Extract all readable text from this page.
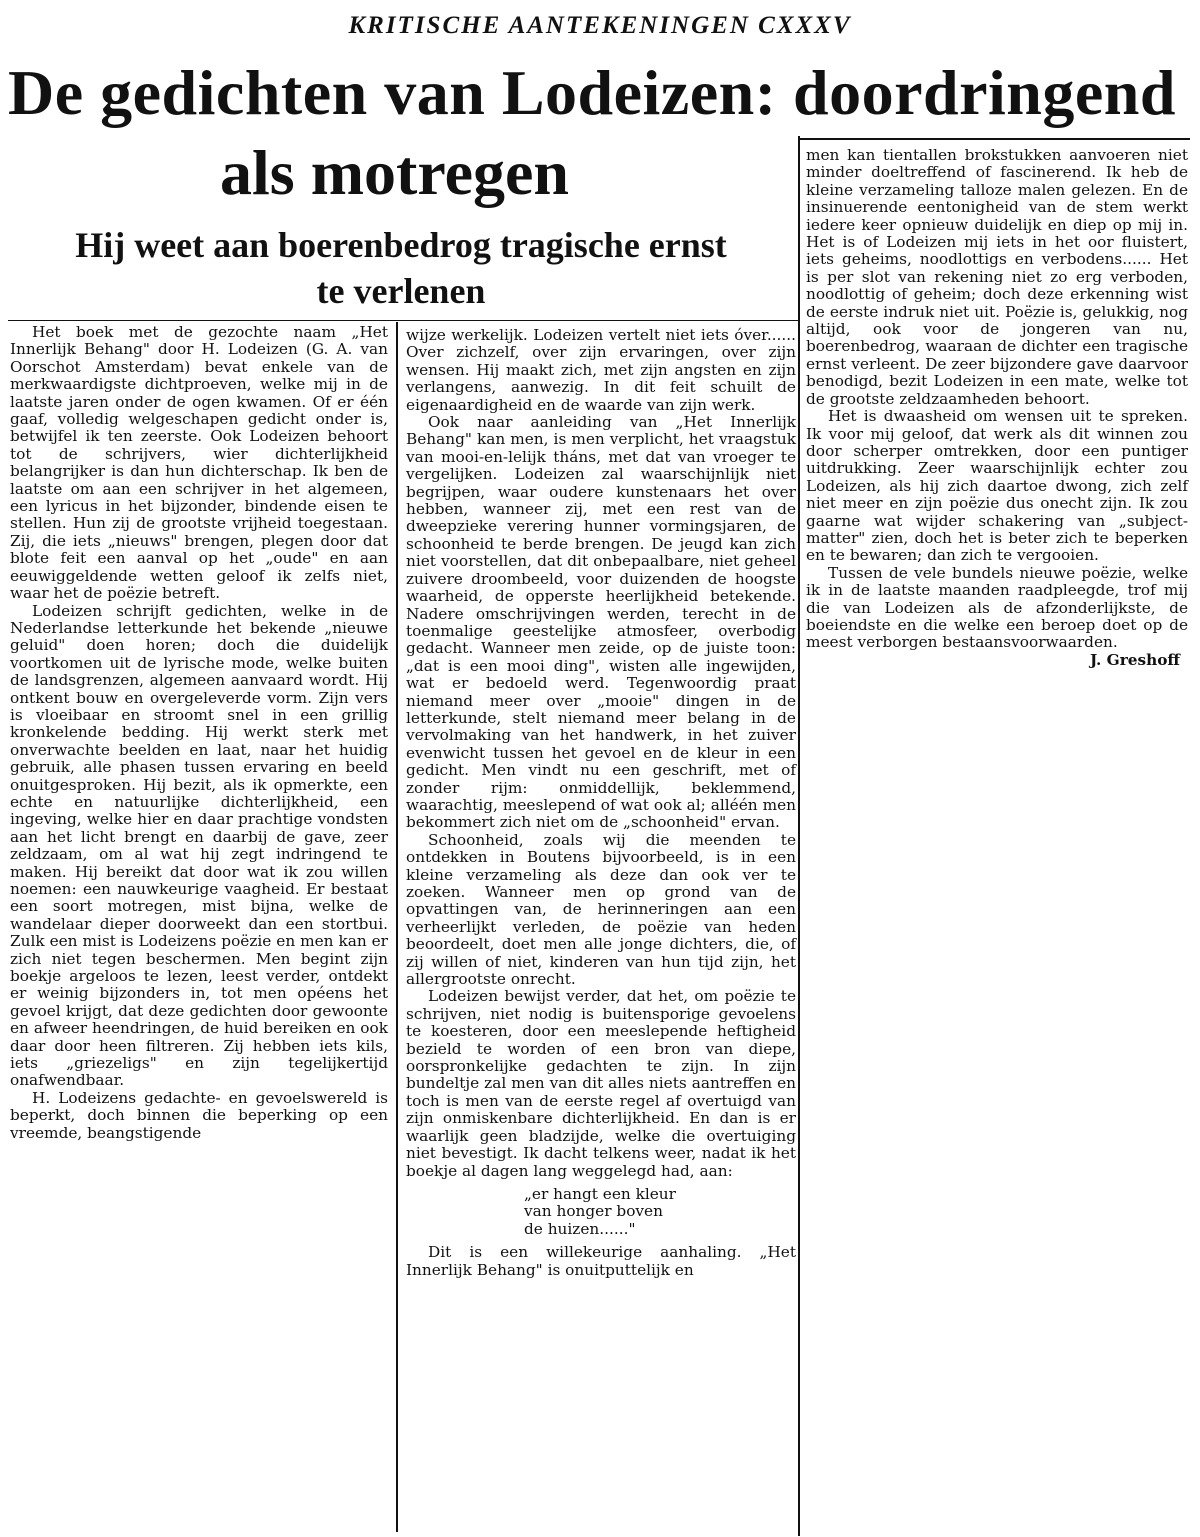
KRITISCHE AANTEKENINGEN CXXXV
De gedichten van Lodeizen: doordringend
als motregen
Hij weet aan boerenbedrog tragische ernst
te verlenen

Het boek met de gezochte naam „Het Innerlijk Behang" door H. Lodeizen (G. A. van Oorschot Amsterdam) bevat enkele van de merkwaardigste dichtproeven, welke mij in de laatste jaren onder de ogen kwamen. Of er één gaaf, volledig welgeschapen gedicht onder is, betwijfel ik ten zeerste. Ook Lodeizen behoort tot de schrijvers, wier dichterlijkheid belangrijker is dan hun dichterschap. Ik ben de laatste om aan een schrijver in het algemeen, een lyricus in het bijzonder, bindende eisen te stellen. Hun zij de grootste vrijheid toegestaan. Zij, die iets „nieuws" brengen, plegen door dat blote feit een aanval op het „oude" en aan eeuwiggeldende wetten geloof ik zelfs niet, waar het de poëzie betreft.

Lodeizen schrijft gedichten, welke in de Nederlandse letterkunde het bekende „nieuwe geluid" doen horen; doch die duidelijk voortkomen uit de lyrische mode, welke buiten de landsgrenzen, algemeen aanvaard wordt. Hij ontkent bouw en overgeleverde vorm. Zijn vers is vloeibaar en stroomt snel in een grillig kronkelende bedding. Hij werkt sterk met onverwachte beelden en laat, naar het huidig gebruik, alle phasen tussen ervaring en beeld onuitgesproken. Hij bezit, als ik opmerkte, een echte en natuurlijke dichterlijkheid, een ingeving, welke hier en daar prachtige vondsten aan het licht brengt en daarbij de gave, zeer zeldzaam, om al wat hij zegt indringend te maken. Hij bereikt dat door wat ik zou willen noemen: een nauwkeurige vaagheid. Er bestaat een soort motregen, mist bijna, welke de wandelaar dieper doorweekt dan een stortbui. Zulk een mist is Lodeizens poëzie en men kan er zich niet tegen beschermen. Men begint zijn boekje argeloos te lezen, leest verder, ontdekt er weinig bijzonders in, tot men opéens het gevoel krijgt, dat deze gedichten door gewoonte en afweer heendringen, de huid bereiken en ook daar door heen filtreren. Zij hebben iets kils, iets „griezeligs" en zijn tegelijkertijd onafwendbaar.

H. Lodeizens gedachte- en gevoelswereld is beperkt, doch binnen die beperking op een vreemde, beangstigende

wijze werkelijk. Lodeizen vertelt niet iets óver...... Over zichzelf, over zijn ervaringen, over zijn wensen. Hij maakt zich, met zijn angsten en zijn verlangens, aanwezig. In dit feit schuilt de eigenaardigheid en de waarde van zijn werk.

Ook naar aanleiding van „Het Innerlijk Behang" kan men, is men verplicht, het vraagstuk van mooi-en-lelijk tháns, met dat van vroeger te vergelijken. Lodeizen zal waarschijnlijk niet begrijpen, waar oudere kunstenaars het over hebben, wanneer zij, met een rest van de dweepzieke verering hunner vormingsjaren, de schoonheid te berde brengen. De jeugd kan zich niet voorstellen, dat dit onbepaalbare, niet geheel zuivere droombeeld, voor duizenden de hoogste waarheid, de opperste heerlijkheid betekende. Nadere omschrijvingen werden, terecht in de toenmalige geestelijke atmosfeer, overbodig gedacht. Wanneer men zeide, op de juiste toon: „dat is een mooi ding", wisten alle ingewijden, wat er bedoeld werd. Tegenwoordig praat niemand meer over „mooie" dingen in de letterkunde, stelt niemand meer belang in de vervolmaking van het handwerk, in het zuiver evenwicht tussen het gevoel en de kleur in een gedicht. Men vindt nu een geschrift, met of zonder rijm: onmiddellijk, beklemmend, waarachtig, meeslepend of wat ook al; alléén men bekommert zich niet om de „schoonheid" ervan.

Schoonheid, zoals wij die meenden te ontdekken in Boutens bijvoorbeeld, is in een kleine verzameling als deze dan ook ver te zoeken. Wanneer men op grond van de opvattingen van, de herinneringen aan een verheerlijkt verleden, de poëzie van heden beoordeelt, doet men alle jonge dichters, die, of zij willen of niet, kinderen van hun tijd zijn, het allergrootste onrecht.

Lodeizen bewijst verder, dat het, om poëzie te schrijven, niet nodig is buitensporige gevoelens te koesteren, door een meeslepende heftigheid bezield te worden of een bron van diepe, oorspronkelijke gedachten te zijn. In zijn bundeltje zal men van dit alles niets aantreffen en toch is men van de eerste regel af overtuigd van zijn onmiskenbare dichterlijkheid. En dan is er waarlijk geen bladzijde, welke die overtuiging niet bevestigt. Ik dacht telkens weer, nadat ik het boekje al dagen lang weggelegd had, aan:

„er hangt een kleur
van honger boven
de huizen......"

Dit is een willekeurige aanhaling. „Het Innerlijk Behang" is onuitputtelijk en

men kan tientallen brokstukken aanvoeren niet minder doeltreffend of fascinerend. Ik heb de kleine verzameling talloze malen gelezen. En de insinuerende eentonigheid van de stem werkt iedere keer opnieuw duidelijk en diep op mij in. Het is of Lodeizen mij iets in het oor fluistert, iets geheims, noodlottigs en verbodens...... Het is per slot van rekening niet zo erg verboden, noodlottig of geheim; doch deze erkenning wist de eerste indruk niet uit. Poëzie is, gelukkig, nog altijd, ook voor de jongeren van nu, boerenbedrog, waaraan de dichter een tragische ernst verleent. De zeer bijzondere gave daarvoor benodigd, bezit Lodeizen in een mate, welke tot de grootste zeldzaamheden behoort.

Het is dwaasheid om wensen uit te spreken. Ik voor mij geloof, dat werk als dit winnen zou door scherper omtrekken, door een puntiger uitdrukking. Zeer waarschijnlijk echter zou Lodeizen, als hij zich daartoe dwong, zich zelf niet meer en zijn poëzie dus onecht zijn. Ik zou gaarne wat wijder schakering van „subject-matter" zien, doch het is beter zich te beperken en te bewaren; dan zich te vergooien.

Tussen de vele bundels nieuwe poëzie, welke ik in de laatste maanden raadpleegde, trof mij die van Lodeizen als de afzonderlijkste, de boeiendste en die welke een beroep doet op de meest verborgen bestaansvoorwaarden.

J. Greshoff
